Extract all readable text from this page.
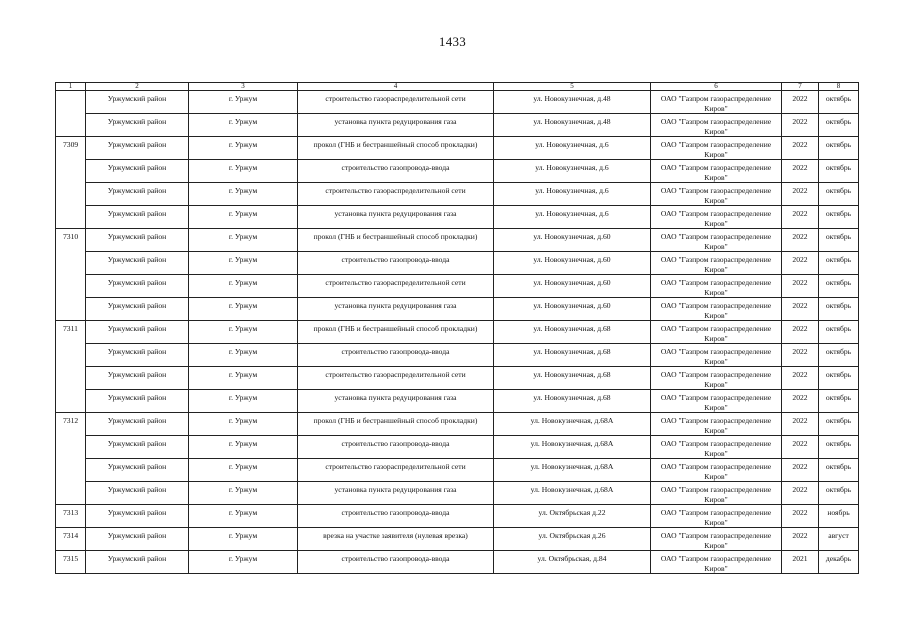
1433
1	2	3	4	5	6	7	8
	Уржумский район	г. Уржум	строительство газораспределительной сети	ул. Новокузнечная, д.48	ОАО "Газпром газораспределение
Киров"	2022	октябрь
	Уржумский район	г. Уржум	установка пункта редуцирования газа	ул. Новокузнечная, д.48	ОАО "Газпром газораспределение
Киров"	2022	октябрь
7309	Уржумский район	г. Уржум	прокол (ГНБ и бестраншейный способ прокладки)	ул. Новокузнечная, д.6	ОАО "Газпром газораспределение
Киров"	2022	октябрь
	Уржумский район	г. Уржум	строительство газопровода-ввода	ул. Новокузнечная, д.6	ОАО "Газпром газораспределение
Киров"	2022	октябрь
	Уржумский район	г. Уржум	строительство газораспределительной сети	ул. Новокузнечная, д.6	ОАО "Газпром газораспределение
Киров"	2022	октябрь
	Уржумский район	г. Уржум	установка пункта редуцирования газа	ул. Новокузнечная, д.6	ОАО "Газпром газораспределение
Киров"	2022	октябрь
7310	Уржумский район	г. Уржум	прокол (ГНБ и бестраншейный способ прокладки)	ул. Новокузнечная, д.60	ОАО "Газпром газораспределение
Киров"	2022	октябрь
	Уржумский район	г. Уржум	строительство газопровода-ввода	ул. Новокузнечная, д.60	ОАО "Газпром газораспределение
Киров"	2022	октябрь
	Уржумский район	г. Уржум	строительство газораспределительной сети	ул. Новокузнечная, д.60	ОАО "Газпром газораспределение
Киров"	2022	октябрь
	Уржумский район	г. Уржум	установка пункта редуцирования газа	ул. Новокузнечная, д.60	ОАО "Газпром газораспределение
Киров"	2022	октябрь
7311	Уржумский район	г. Уржум	прокол (ГНБ и бестраншейный способ прокладки)	ул. Новокузнечная, д.68	ОАО "Газпром газораспределение
Киров"	2022	октябрь
	Уржумский район	г. Уржум	строительство газопровода-ввода	ул. Новокузнечная, д.68	ОАО "Газпром газораспределение
Киров"	2022	октябрь
	Уржумский район	г. Уржум	строительство газораспределительной сети	ул. Новокузнечная, д.68	ОАО "Газпром газораспределение
Киров"	2022	октябрь
	Уржумский район	г. Уржум	установка пункта редуцирования газа	ул. Новокузнечная, д.68	ОАО "Газпром газораспределение
Киров"	2022	октябрь
7312	Уржумский район	г. Уржум	прокол (ГНБ и бестраншейный способ прокладки)	ул. Новокузнечная, д.68А	ОАО "Газпром газораспределение
Киров"	2022	октябрь
	Уржумский район	г. Уржум	строительство газопровода-ввода	ул. Новокузнечная, д.68А	ОАО "Газпром газораспределение
Киров"	2022	октябрь
	Уржумский район	г. Уржум	строительство газораспределительной сети	ул. Новокузнечная, д.68А	ОАО "Газпром газораспределение
Киров"	2022	октябрь
	Уржумский район	г. Уржум	установка пункта редуцирования газа	ул. Новокузнечная, д.68А	ОАО "Газпром газораспределение
Киров"	2022	октябрь
7313	Уржумский район	г. Уржум	строительство газопровода-ввода	ул. Октябрьская д.22	ОАО "Газпром газораспределение
Киров"	2022	ноябрь
7314	Уржумский район	г. Уржум	врезка на участке заявителя (нулевая врезка)	ул. Октябрьская д.26	ОАО "Газпром газораспределение
Киров"	2022	август
7315	Уржумский район	г. Уржум	строительство газопровода-ввода	ул. Октябрьская, д.84	ОАО "Газпром газораспределение
Киров"	2021	декабрь
